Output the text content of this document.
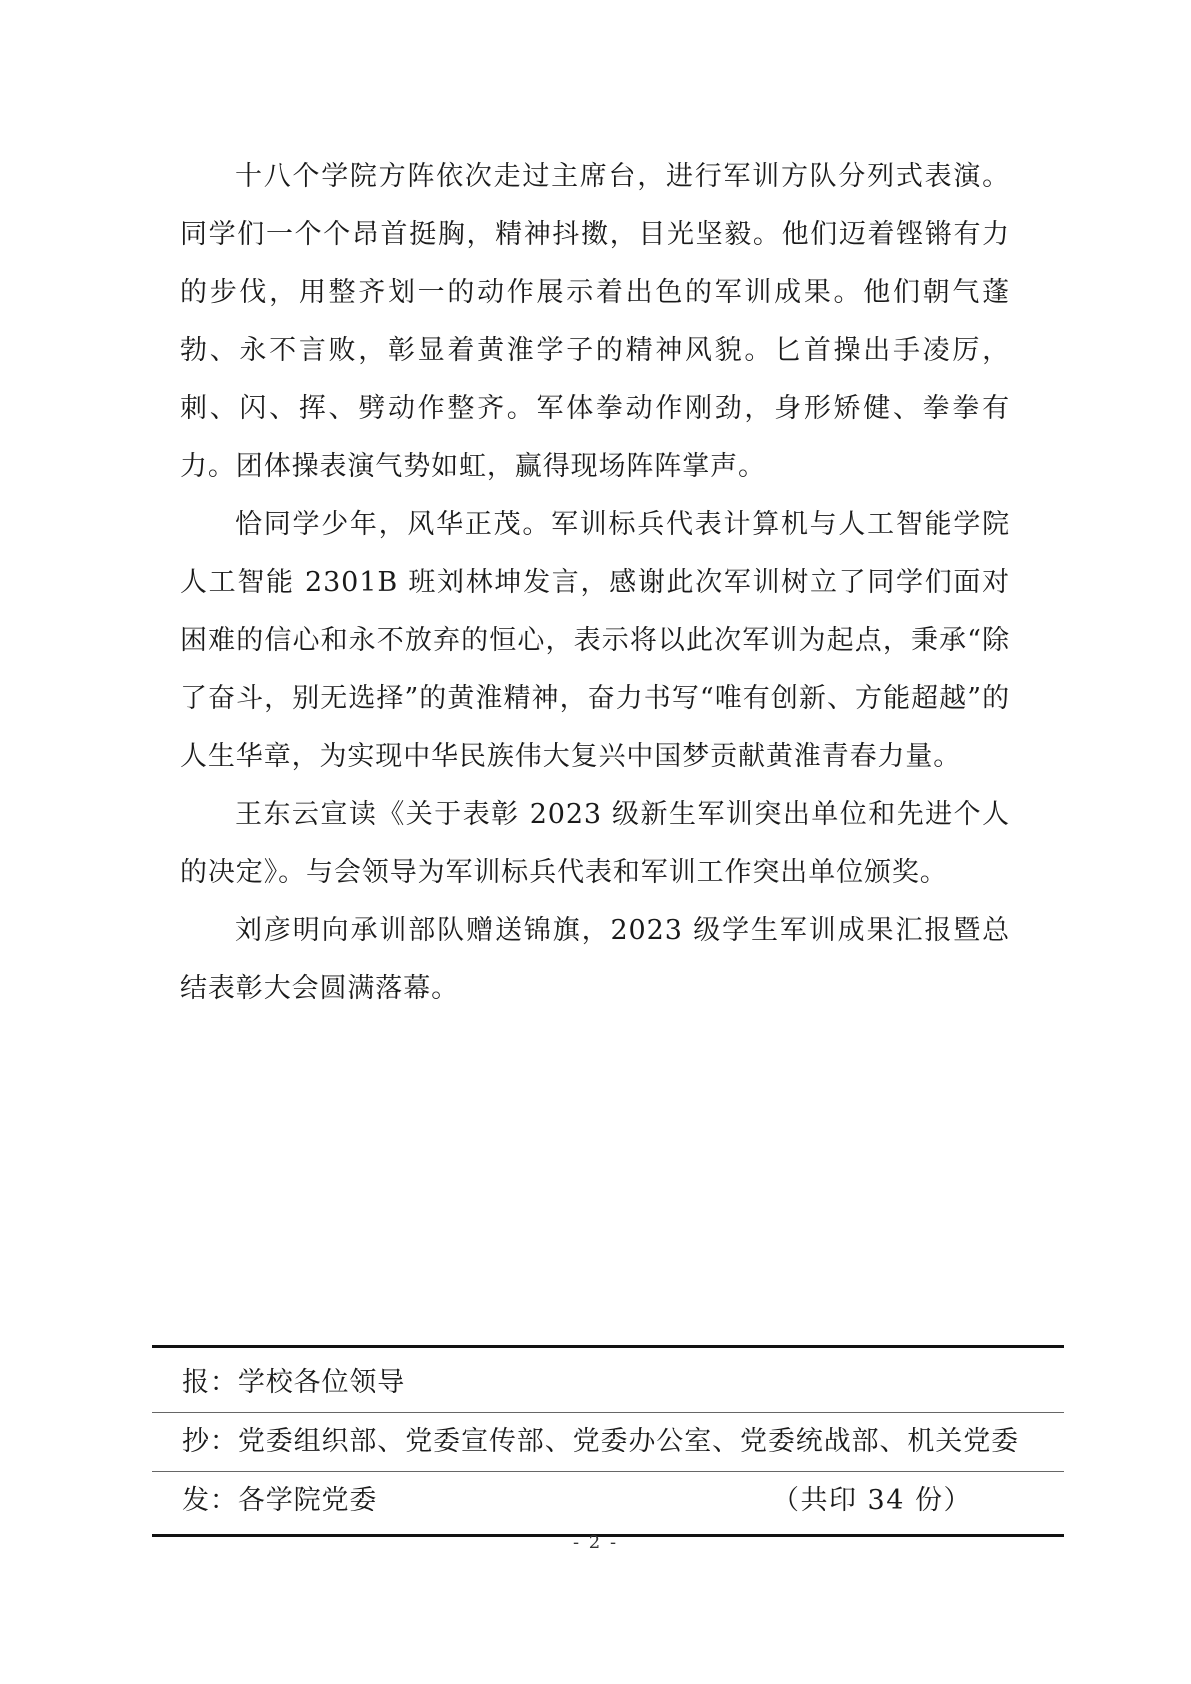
十八个学院方阵依次走过主席台，进行军训方队分列式表演。同学们一个个昂首挺胸，精神抖擞，目光坚毅。他们迈着铿锵有力的步伐，用整齐划一的动作展示着出色的军训成果。他们朝气蓬勃、永不言败，彰显着黄淮学子的精神风貌。匕首操出手凌厉，刺、闪、挥、劈动作整齐。军体拳动作刚劲，身形矫健、拳拳有力。团体操表演气势如虹，赢得现场阵阵掌声。

恰同学少年，风华正茂。军训标兵代表计算机与人工智能学院人工智能 2301B 班刘林坤发言，感谢此次军训树立了同学们面对困难的信心和永不放弃的恒心，表示将以此次军训为起点，秉承“除了奋斗，别无选择”的黄淮精神，奋力书写“唯有创新、方能超越”的人生华章，为实现中华民族伟大复兴中国梦贡献黄淮青春力量。

王东云宣读《关于表彰 2023 级新生军训突出单位和先进个人的决定》。与会领导为军训标兵代表和军训工作突出单位颁奖。

刘彦明向承训部队赠送锦旗，2023 级学生军训成果汇报暨总结表彰大会圆满落幕。

报：学校各位领导
抄：党委组织部、党委宣传部、党委办公室、党委统战部、机关党委
发：各学院党委	（共印 34 份）
- 2 -
